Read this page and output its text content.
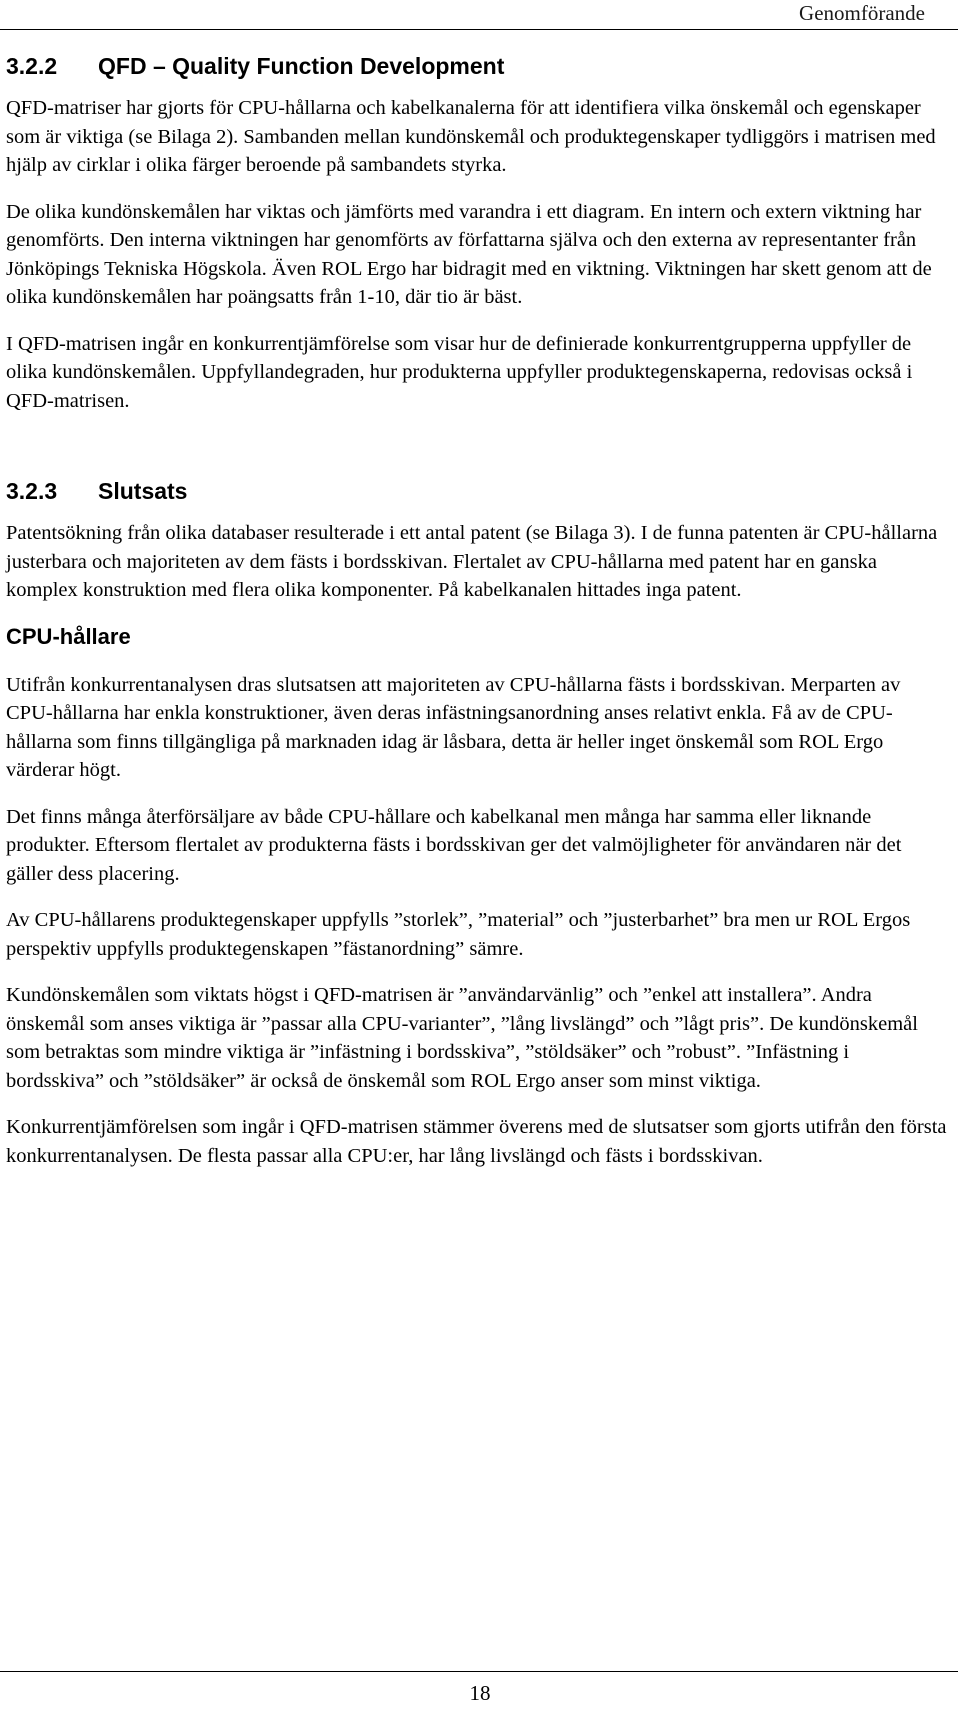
Genomförande
3.2.2 QFD – Quality Function Development

QFD-matriser har gjorts för CPU-hållarna och kabelkanalerna för att identifiera vilka önskemål och egenskaper som är viktiga (se Bilaga 2). Sambanden mellan kundönskemål och produktegenskaper tydliggörs i matrisen med hjälp av cirklar i olika färger beroende på sambandets styrka.

De olika kundönskemålen har viktas och jämförts med varandra i ett diagram. En intern och extern viktning har genomförts. Den interna viktningen har genomförts av författarna själva och den externa av representanter från Jönköpings Tekniska Högskola. Även ROL Ergo har bidragit med en viktning. Viktningen har skett genom att de olika kundönskemålen har poängsatts från 1-10, där tio är bäst.

I QFD-matrisen ingår en konkurrentjämförelse som visar hur de definierade konkurrentgrupperna uppfyller de olika kundönskemålen. Uppfyllandegraden, hur produkterna uppfyller produktegenskaperna, redovisas också i QFD-matrisen.

3.2.3 Slutsats

Patentsökning från olika databaser resulterade i ett antal patent (se Bilaga 3). I de funna patenten är CPU-hållarna justerbara och majoriteten av dem fästs i bordsskivan. Flertalet av CPU-hållarna med patent har en ganska komplex konstruktion med flera olika komponenter. På kabelkanalen hittades inga patent.

CPU-hållare

Utifrån konkurrentanalysen dras slutsatsen att majoriteten av CPU-hållarna fästs i bordsskivan. Merparten av CPU-hållarna har enkla konstruktioner, även deras infästningsanordning anses relativt enkla. Få av de CPU-hållarna som finns tillgängliga på marknaden idag är låsbara, detta är heller inget önskemål som ROL Ergo värderar högt.

Det finns många återförsäljare av både CPU-hållare och kabelkanal men många har samma eller liknande produkter. Eftersom flertalet av produkterna fästs i bordsskivan ger det valmöjligheter för användaren när det gäller dess placering.

Av CPU-hållarens produktegenskaper uppfylls ”storlek”, ”material” och ”justerbarhet” bra men ur ROL Ergos perspektiv uppfylls produktegenskapen ”fästanordning” sämre.

Kundönskemålen som viktats högst i QFD-matrisen är ”användarvänlig” och ”enkel att installera”. Andra önskemål som anses viktiga är ”passar alla CPU-varianter”, ”lång livslängd” och ”lågt pris”. De kundönskemål som betraktas som mindre viktiga är ”infästning i bordsskiva”, ”stöldsäker” och ”robust”. ”Infästning i bordsskiva” och ”stöldsäker” är också de önskemål som ROL Ergo anser som minst viktiga.

Konkurrentjämförelsen som ingår i QFD-matrisen stämmer överens med de slutsatser som gjorts utifrån den första konkurrentanalysen. De flesta passar alla CPU:er, har lång livslängd och fästs i bordsskivan.

18
